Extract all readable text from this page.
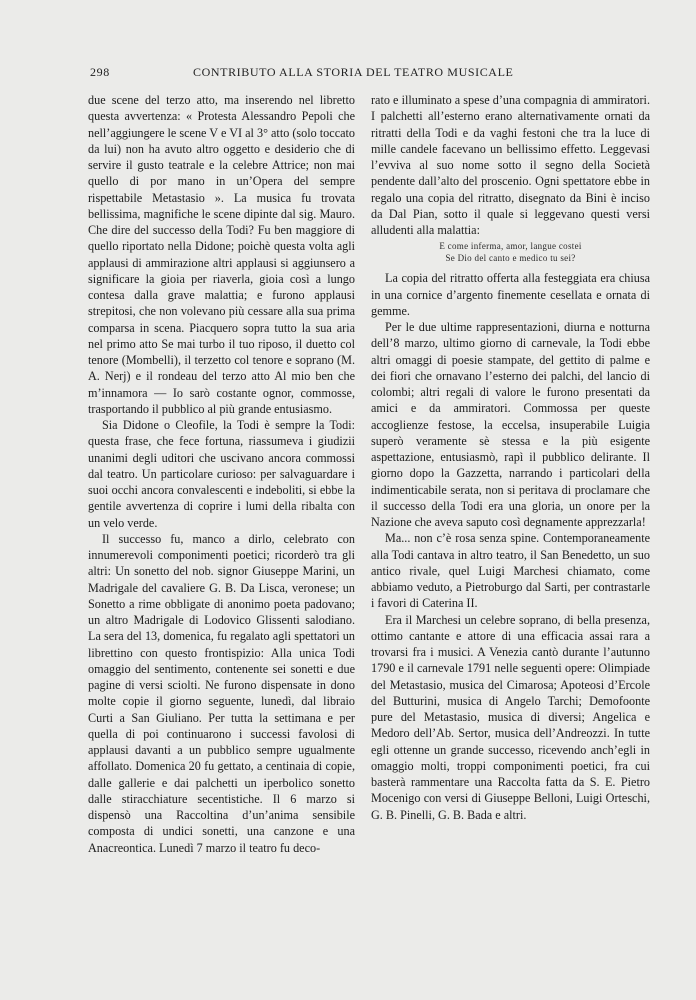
298	CONTRIBUTO ALLA STORIA DEL TEATRO MUSICALE

due scene del terzo atto, ma inserendo nel libretto questa avvertenza: « Protesta Alessandro Pepoli che nell’aggiungere le scene V e VI al 3° atto (solo toccato da lui) non ha avuto altro oggetto e desiderio che di servire il gusto teatrale e la celebre Attrice; non mai quello di por mano in un’Opera del sempre rispettabile Metastasio ». La musica fu trovata bellissima, magnifiche le scene dipinte dal sig. Mauro. Che dire del successo della Todi? Fu ben maggiore di quello riportato nella Didone; poichè questa volta agli applausi di ammirazione altri applausi si aggiunsero a significare la gioia per riaverla, gioia così a lungo contesa dalla grave malattia; e furono applausi strepitosi, che non volevano più cessare alla sua prima comparsa in scena. Piacquero sopra tutto la sua aria nel primo atto Se mai turbo il tuo riposo, il duetto col tenore (Mombelli), il terzetto col tenore e soprano (M. A. Nerj) e il rondeau del terzo atto Al mio ben che m’innamora — Io sarò costante ognor, commosse, trasportando il pubblico al più grande entusiasmo.

Sia Didone o Cleofile, la Todi è sempre la Todi: questa frase, che fece fortuna, riassumeva i giudizii unanimi degli uditori che uscivano ancora commossi dal teatro. Un particolare curioso: per salvaguardare i suoi occhi ancora convalescenti e indeboliti, si ebbe la gentile avvertenza di coprire i lumi della ribalta con un velo verde.

Il successo fu, manco a dirlo, celebrato con innumerevoli componimenti poetici; ricorderò tra gli altri: Un sonetto del nob. signor Giuseppe Marini, un Madrigale del cavaliere G. B. Da Lisca, veronese; un Sonetto a rime obbligate di anonimo poeta padovano; un altro Madrigale di Lodovico Glissenti salodiano. La sera del 13, domenica, fu regalato agli spettatori un librettino con questo frontispizio: Alla unica Todi omaggio del sentimento, contenente sei sonetti e due pagine di versi sciolti. Ne furono dispensate in dono molte copie il giorno seguente, lunedì, dal libraio Curti a San Giuliano. Per tutta la settimana e per quella di poi continuarono i successi favolosi di applausi davanti a un pubblico sempre ugualmente affollato. Domenica 20 fu gettato, a centinaia di copie, dalle gallerie e dai palchetti un iperbolico sonetto dalle stiracchiature secentistiche. Il 6 marzo si dispensò una Raccoltina d’un’anima sensibile composta di undici sonetti, una canzone e una Anacreontica. Lunedì 7 marzo il teatro fu deco-

rato e illuminato a spese d’una compagnia di ammiratori. I palchetti all’esterno erano alternativamente ornati da ritratti della Todi e da vaghi festoni che tra la luce di mille candele facevano un bellissimo effetto. Leggevasi l’evviva al suo nome sotto il segno della Società pendente dall’alto del proscenio. Ogni spettatore ebbe in regalo una copia del ritratto, disegnato da Bini è inciso da Dal Pian, sotto il quale si leggevano questi versi alludenti alla malattia:

E come inferma, amor, langue costei
Se Dio del canto e medico tu sei?

La copia del ritratto offerta alla festeggiata era chiusa in una cornice d’argento finemente cesellata e ornata di gemme.

Per le due ultime rappresentazioni, diurna e notturna dell’8 marzo, ultimo giorno di carnevale, la Todi ebbe altri omaggi di poesie stampate, del gettito di palme e dei fiori che ornavano l’esterno dei palchi, del lancio di colombi; altri regali di valore le furono presentati da amici e da ammiratori. Commossa per queste accoglienze festose, la eccelsa, insuperabile Luigia superò veramente sè stessa e la più esigente aspettazione, entusiasmò, rapì il pubblico delirante. Il giorno dopo la Gazzetta, narrando i particolari della indimenticabile serata, non si peritava di proclamare che il successo della Todi era una gloria, un onore per la Nazione che aveva saputo così degnamente apprezzarla!

Ma... non c’è rosa senza spine. Contemporaneamente alla Todi cantava in altro teatro, il San Benedetto, un suo antico rivale, quel Luigi Marchesi chiamato, come abbiamo veduto, a Pietroburgo dal Sarti, per contrastarle i favori di Caterina II.

Era il Marchesi un celebre soprano, di bella presenza, ottimo cantante e attore di una efficacia assai rara a trovarsi fra i musici. A Venezia cantò durante l’autunno 1790 e il carnevale 1791 nelle seguenti opere: Olimpiade del Metastasio, musica del Cimarosa; Apoteosi d’Ercole del Butturini, musica di Angelo Tarchi; Demofoonte pure del Metastasio, musica di diversi; Angelica e Medoro dell’Ab. Sertor, musica dell’Andreozzi. In tutte egli ottenne un grande successo, ricevendo anch’egli in omaggio molti, troppi componimenti poetici, fra cui basterà rammentare una Raccolta fatta da S. E. Pietro Mocenigo con versi di Giuseppe Belloni, Luigi Orteschi, G. B. Pinelli, G. B. Bada e altri.
